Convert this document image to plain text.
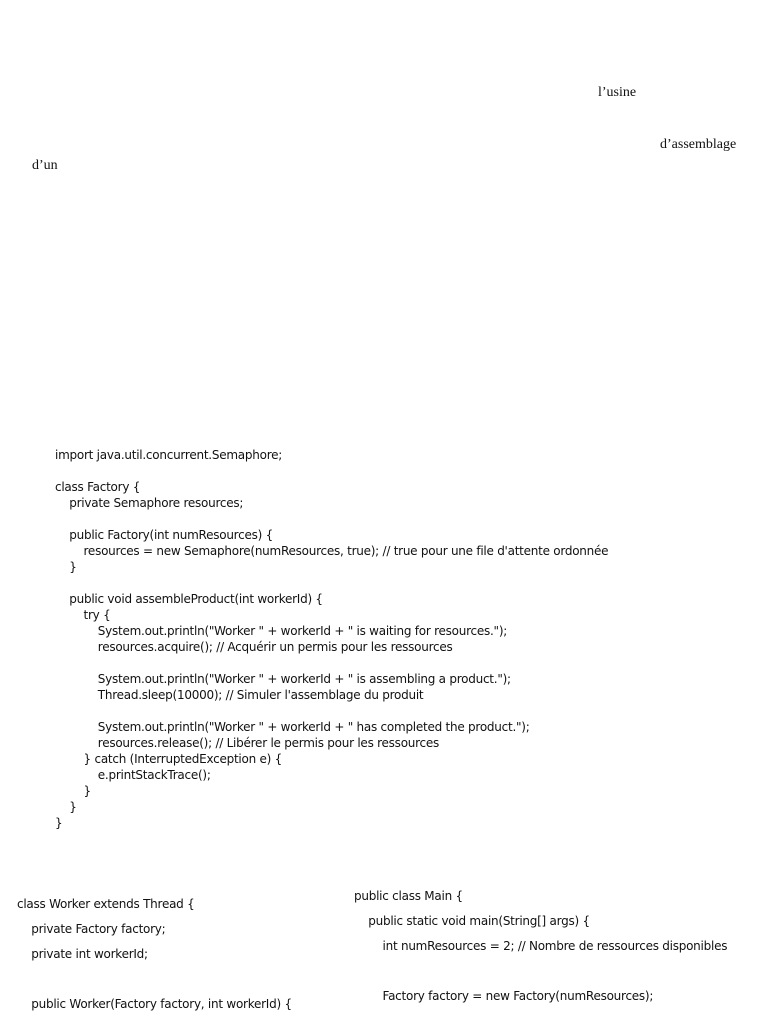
l’usine
d’assemblage
d’un
import java.util.concurrent.Semaphore;

class Factory {
private Semaphore resources;

public Factory(int numResources) {
resources = new Semaphore(numResources, true); // true pour une file d'attente ordonnée
}

public void assembleProduct(int workerId) {
try {
System.out.println("Worker " + workerId + " is waiting for resources.");
resources.acquire(); // Acquérir un permis pour les ressources

System.out.println("Worker " + workerId + " is assembling a product.");
Thread.sleep(10000); // Simuler l'assemblage du produit

System.out.println("Worker " + workerId + " has completed the product.");
resources.release(); // Libérer le permis pour les ressources
} catch (InterruptedException e) {
e.printStackTrace();
}
}
}
class Worker extends Thread {
private Factory factory;
private int workerId;

public Worker(Factory factory, int workerId) {
public class Main {
public static void main(String[] args) {
int numResources = 2; // Nombre de ressources disponibles

Factory factory = new Factory(numResources);
